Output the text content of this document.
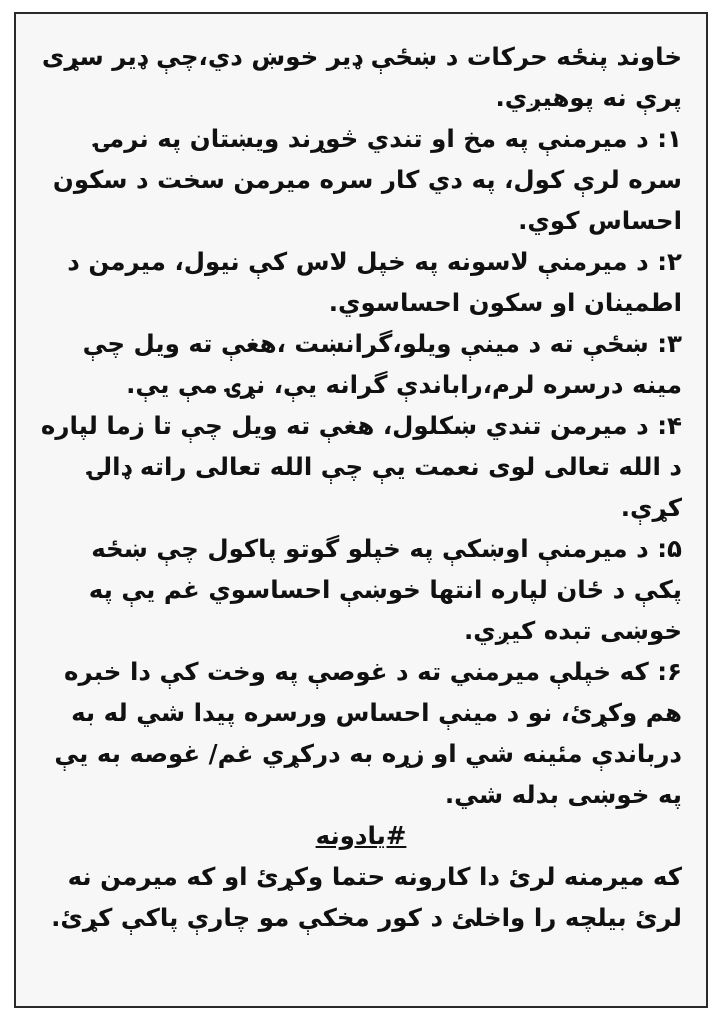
خاوند پنځه حرکات د ښځې ډیر خوښ دي،چې ډیر سړی پرې نه پوهیږي.

۱: د میرمنې په مخ او تندي څوړند ویښتان په نرمۍ سره لرې کول، په دي کار سره میرمن سخت د سکون احساس کوي.

۲: د میرمنې لاسونه په خپل لاس کې نیول، میرمن د اطمینان او سکون احساسوي.

۳: ښځې ته د مینې ویلو،گرانښت ،هغې ته ویل چې مینه درسره لرم،راباندې گرانه یې، نړۍ مې یې.

۴: د میرمن تندي ښکلول، هغې ته ویل چې تا زما لپاره د الله تعالی لوی نعمت یې چې الله تعالی راته ډالۍ کړې.

۵: د میرمنې اوښکې په خپلو گوتو پاکول چې ښځه پکې د ځان لپاره انتها خوښې احساسوي غم یې په خوښی تبده کیږي.

۶: که خپلې میرمني ته د غوصې په وخت کې دا خبره هم وکړئ، نو د مینې احساس ورسره پیدا شي له به درباندې مئینه شي او زړه به درکړي غم/ غوصه به یې په خوښی بدله شي.

#يادونه

که میرمنه لرئ دا کارونه حتما وکړئ او که میرمن نه لرئ بیلچه را واخلئ د کور مخکې مو چارې پاکې کړئ.
